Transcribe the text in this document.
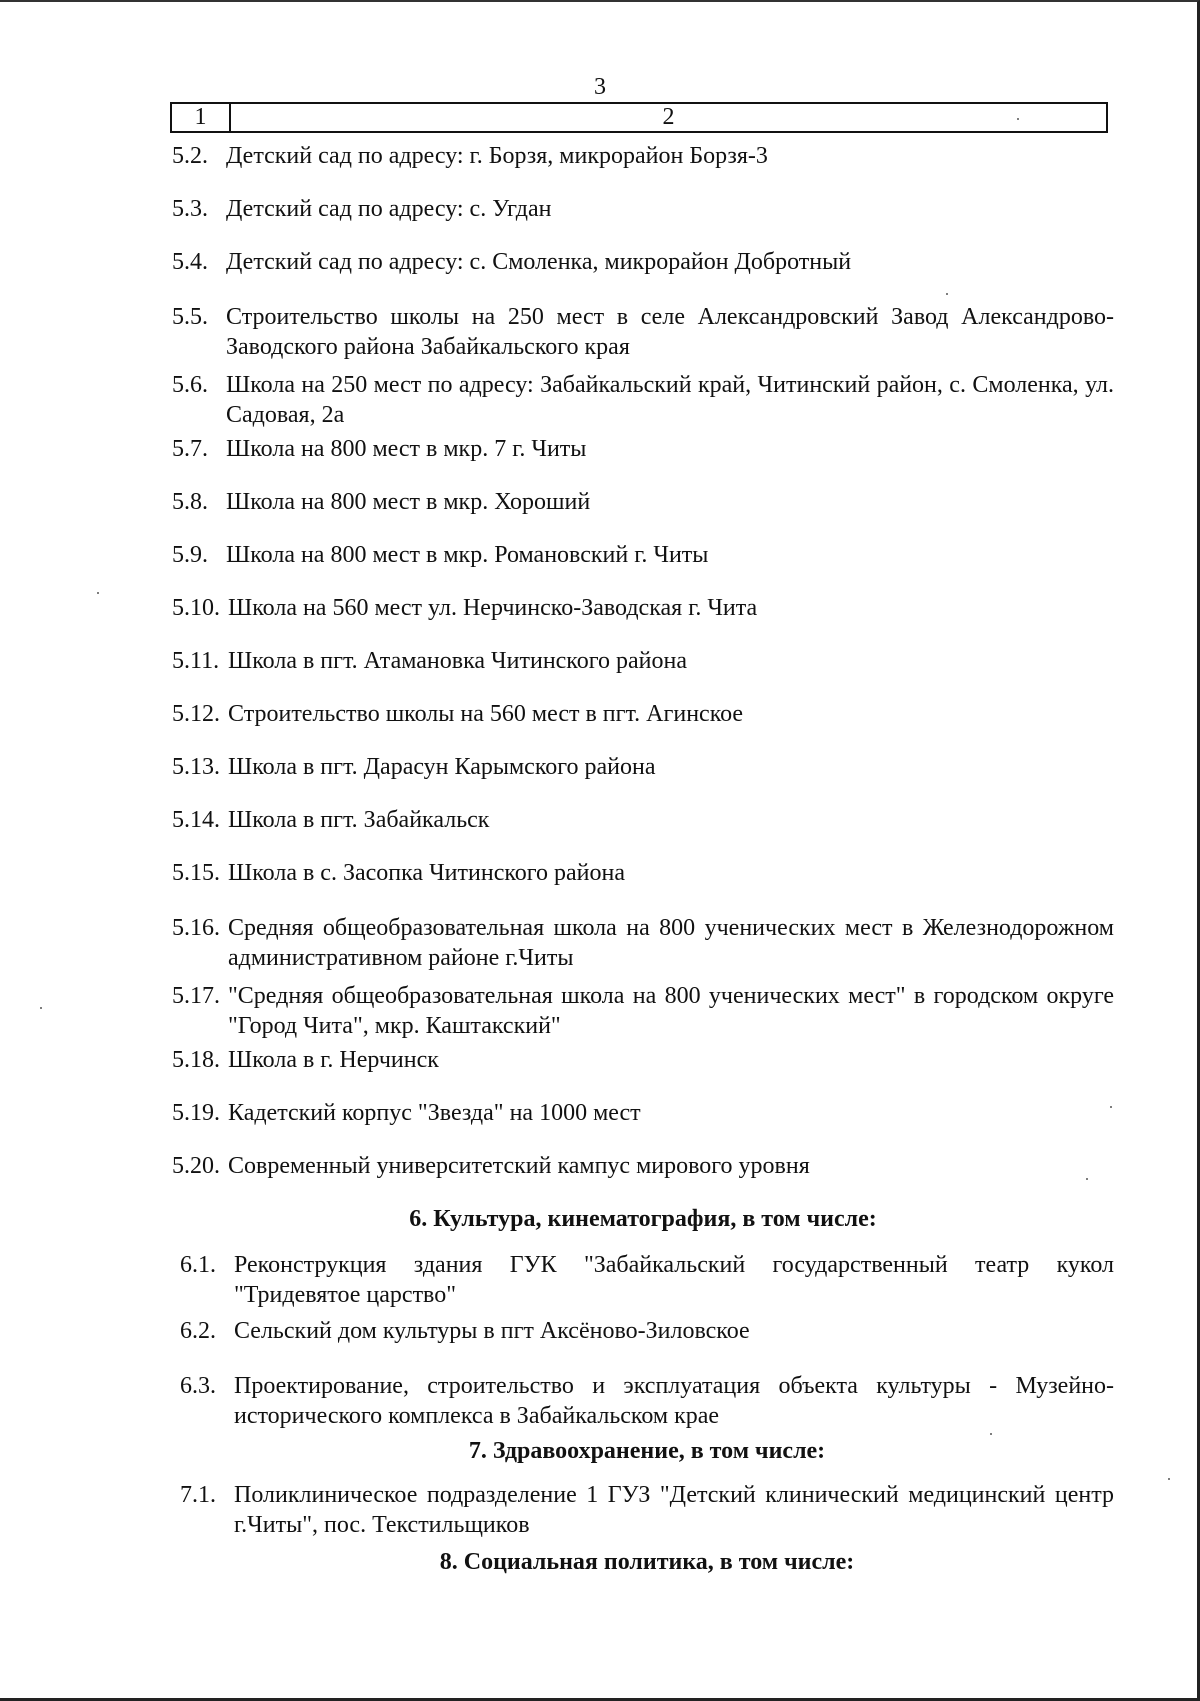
3
1	2
5.2. Детский сад по адресу: г. Борзя, микрорайон Борзя-3
5.3. Детский сад по адресу: с. Угдан
5.4. Детский сад по адресу: с. Смоленка, микрорайон Добротный
5.5. Строительство школы на 250 мест в селе Александровский Завод Александрово-Заводского района Забайкальского края
5.6. Школа на 250 мест по адресу: Забайкальский край, Читинский район, с. Смоленка, ул. Садовая, 2а
5.7. Школа на 800 мест в мкр. 7 г. Читы
5.8. Школа на 800 мест в мкр. Хороший
5.9. Школа на 800 мест в мкр. Романовский г. Читы
5.10. Школа на 560 мест ул. Нерчинско-Заводская г. Чита
5.11. Школа в пгт. Атамановка Читинского района
5.12. Строительство школы на 560 мест в пгт. Агинское
5.13. Школа в пгт. Дарасун Карымского района
5.14. Школа в пгт. Забайкальск
5.15. Школа в с. Засопка Читинского района
5.16. Средняя общеобразовательная школа на 800 ученических мест в Железнодорожном административном районе г.Читы
5.17. "Средняя общеобразовательная школа на 800 ученических мест" в городском округе "Город Чита", мкр. Каштакский"
5.18. Школа в г. Нерчинск
5.19. Кадетский корпус "Звезда" на 1000 мест
5.20. Современный университетский кампус мирового уровня
6. Культура, кинематография, в том числе:
6.1. Реконструкция здания ГУК "Забайкальский государственный театр кукол "Тридевятое царство"
6.2. Сельский дом культуры в пгт Аксёново-Зиловское
6.3. Проектирование, строительство и эксплуатация объекта культуры - Музейно-исторического комплекса в Забайкальском крае
7. Здравоохранение, в том числе:
7.1. Поликлиническое подразделение 1 ГУЗ "Детский клинический медицинский центр г.Читы", пос. Текстильщиков
8. Социальная политика, в том числе:
